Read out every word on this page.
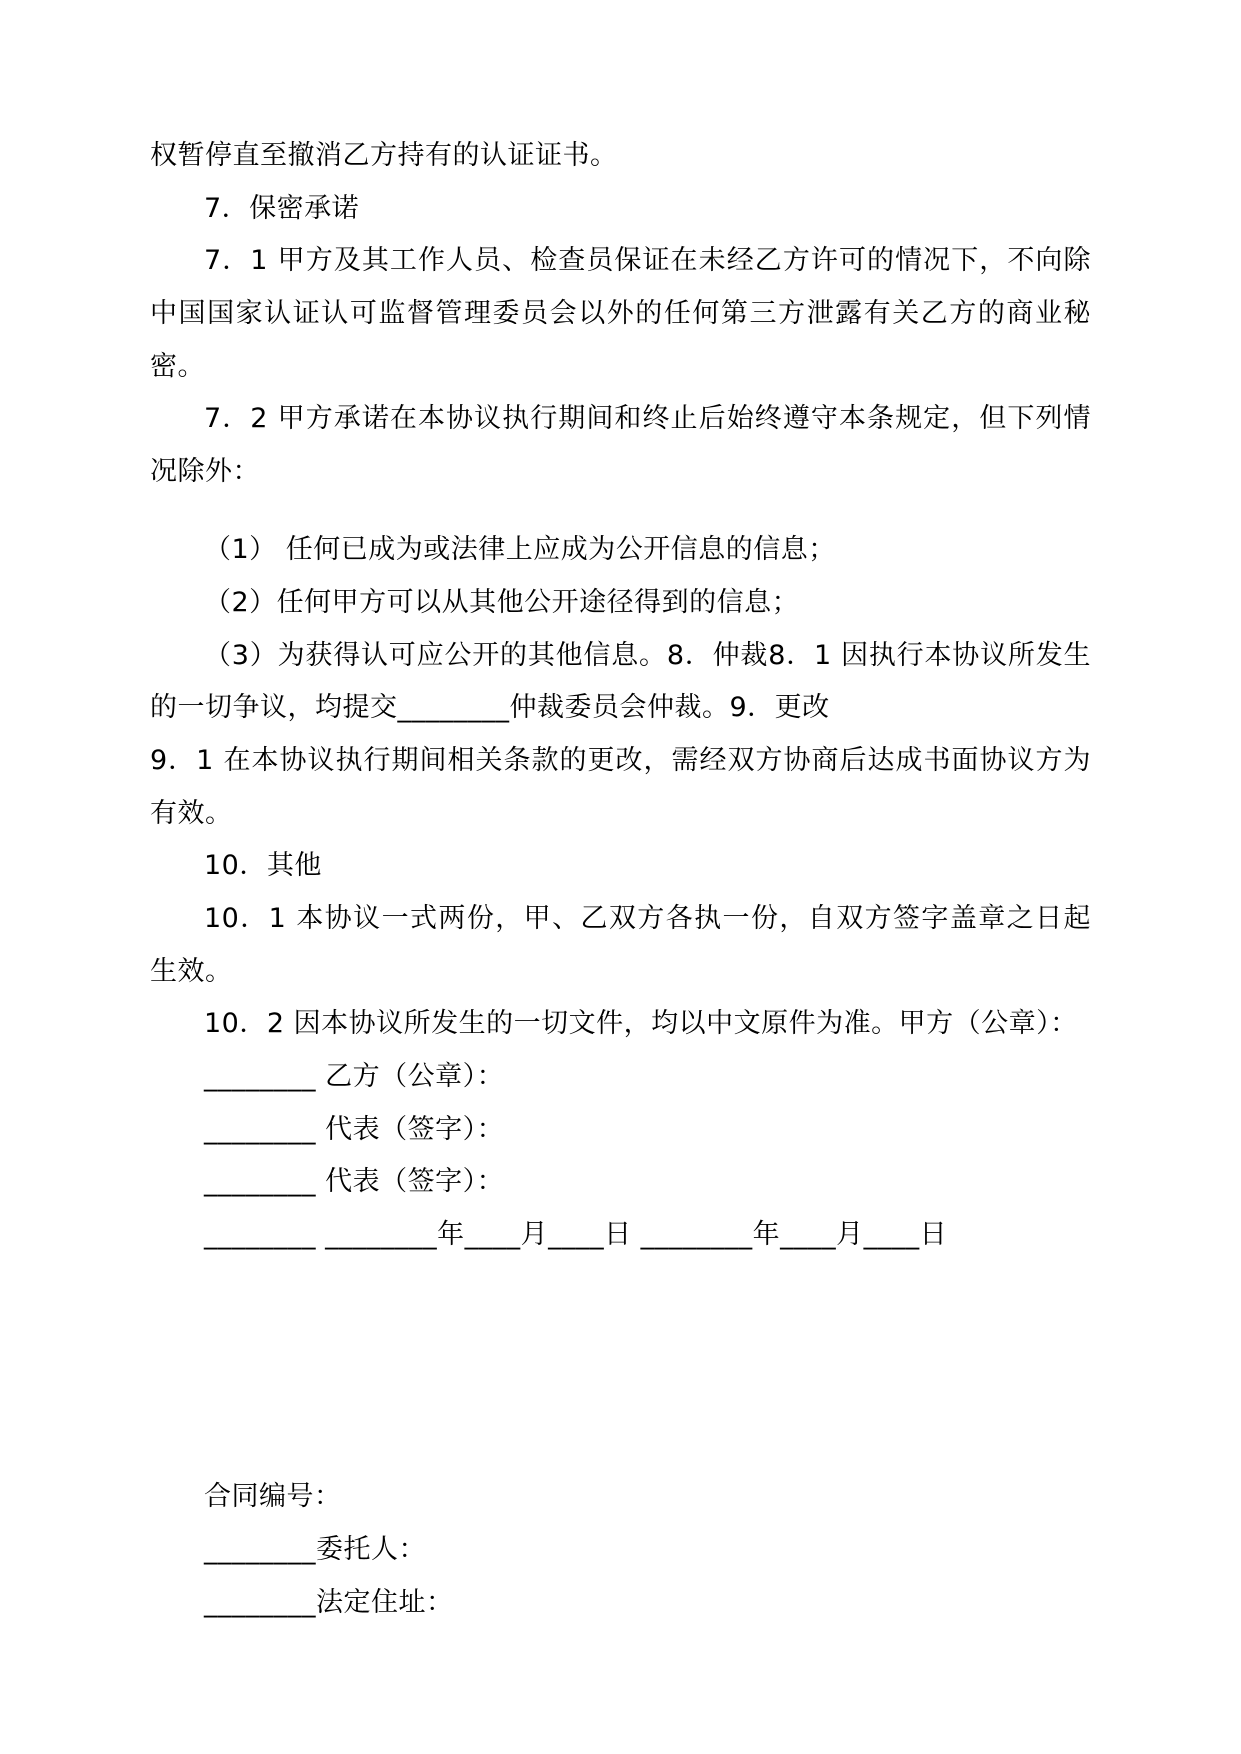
权暂停直至撤消乙方持有的认证证书。

7．保密承诺

7．1 甲方及其工作人员、检查员保证在未经乙方许可的情况下，不向除中国国家认证认可监督管理委员会以外的任何第三方泄露有关乙方的商业秘密。

7．2 甲方承诺在本协议执行期间和终止后始终遵守本条规定，但下列情况除外：

（1） 任何已成为或法律上应成为公开信息的信息；

（2）任何甲方可以从其他公开途径得到的信息；

（3）为获得认可应公开的其他信息。8．仲裁8．1 因执行本协议所发生的一切争议，均提交________仲裁委员会仲裁。9．更改

9．1 在本协议执行期间相关条款的更改，需经双方协商后达成书面协议方为有效。

10．其他

10．1 本协议一式两份，甲、乙双方各执一份，自双方签字盖章之日起生效。

10．2 因本协议所发生的一切文件，均以中文原件为准。甲方（公章）：

________ 乙方（公章）：

________ 代表（签字）：

________ 代表（签字）：

________ ________年____月____日 ________年____月____日

合同编号：

________委托人：

________法定住址：
